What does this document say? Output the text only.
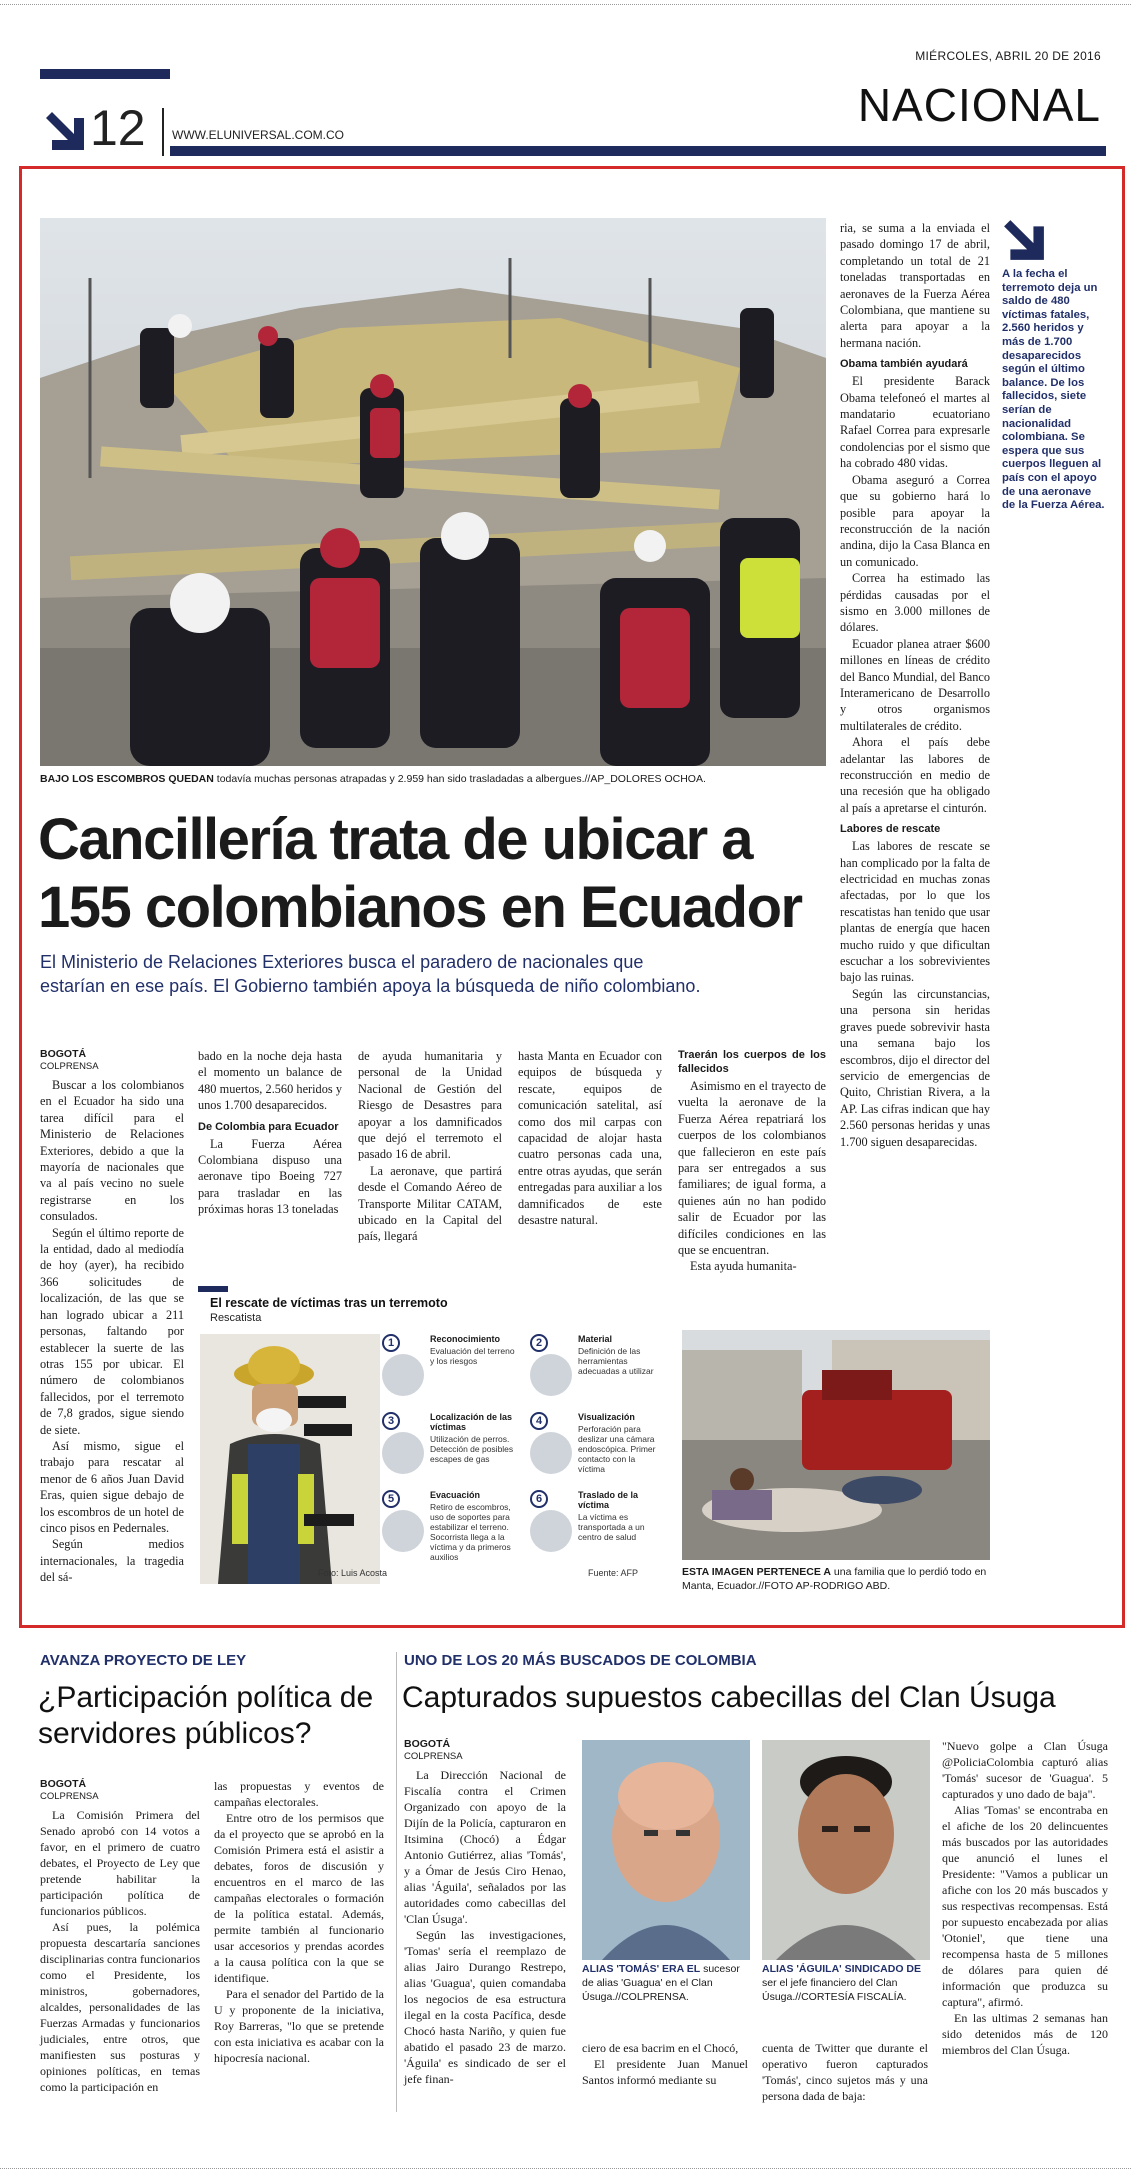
MIÉRCOLES, ABRIL 20 DE 2016
NACIONAL
12 WWW.ELUNIVERSAL.COM.CO
BAJO LOS ESCOMBROS QUEDAN todavía muchas personas atrapadas y 2.959 han sido trasladadas a albergues.//AP_DOLORES OCHOA.
Cancillería trata de ubicar a
155 colombianos en Ecuador
El Ministerio de Relaciones Exteriores busca el paradero de nacionales que
estarían en ese país. El Gobierno también apoya la búsqueda de niño colombiano.
A la fecha el terremoto deja un saldo de 480 víctimas fatales, 2.560 heridos y más de 1.700 desaparecidos según el último balance. De los fallecidos, siete serían de nacionalidad colombiana. Se espera que sus cuerpos lleguen al país con el apoyo de una aeronave de la Fuerza Aérea.

ria, se suma a la enviada el pasado domingo 17 de abril, completando un total de 21 toneladas transportadas en aeronaves de la Fuerza Aérea Colombiana, que mantiene su alerta para apoyar a la hermana nación.

Obama también ayudará

El presidente Barack Obama telefoneó el martes al mandatario ecuatoriano Rafael Correa para expresarle condolencias por el sismo que ha cobrado 480 vidas.

Obama aseguró a Correa que su gobierno hará lo posible para apoyar la reconstrucción de la nación andina, dijo la Casa Blanca en un comunicado.

Correa ha estimado las pérdidas causadas por el sismo en 3.000 millones de dólares.

Ecuador planea atraer $600 millones en líneas de crédito del Banco Mundial, del Banco Interamericano de Desarrollo y otros organismos multilaterales de crédito.

Ahora el país debe adelantar las labores de reconstrucción en medio de una recesión que ha obligado al país a apretarse el cinturón.

Labores de rescate

Las labores de rescate se han complicado por la falta de electricidad en muchas zonas afectadas, por lo que los rescatistas han tenido que usar plantas de energía que hacen mucho ruido y que dificultan escuchar a los sobrevivientes bajo las ruinas.

Según las circunstancias, una persona sin heridas graves puede sobrevivir hasta una semana bajo los escombros, dijo el director del servicio de emergencias de Quito, Christian Rivera, a la AP. Las cifras indican que hay 2.560 personas heridas y unas 1.700 siguen desaparecidas.

BOGOTÁ
COLPRENSA

Buscar a los colombianos en el Ecuador ha sido una tarea difícil para el Ministerio de Relaciones Exteriores, debido a que la mayoría de nacionales que va al país vecino no suele registrarse en los consulados.

Según el último reporte de la entidad, dado al mediodía de hoy (ayer), ha recibido 366 solicitudes de localización, de las que se han logrado ubicar a 211 personas, faltando por establecer la suerte de las otras 155 por ubicar. El número de colombianos fallecidos, por el terremoto de 7,8 grados, sigue siendo de siete.

Así mismo, sigue el trabajo para rescatar al menor de 6 años Juan David Eras, quien sigue debajo de los escombros de un hotel de cinco pisos en Pedernales.

Según medios internacionales, la tragedia del sá-

bado en la noche deja hasta el momento un balance de 480 muertos, 2.560 heridos y unos 1.700 desaparecidos.

De Colombia para Ecuador

La Fuerza Aérea Colombiana dispuso una aeronave tipo Boeing 727 para trasladar en las próximas horas 13 toneladas

de ayuda humanitaria y personal de la Unidad Nacional de Gestión del Riesgo de Desastres para apoyar a los damnificados que dejó el terremoto el pasado 16 de abril.

La aeronave, que partirá desde el Comando Aéreo de Transporte Militar CATAM, ubicado en la Capital del país, llegará

hasta Manta en Ecuador con equipos de búsqueda y rescate, equipos de comunicación satelital, así como dos mil carpas con capacidad de alojar hasta cuatro personas cada una, entre otras ayudas, que serán entregadas para auxiliar a los damnificados de este desastre natural.

Traerán los cuerpos de los fallecidos

Asimismo en el trayecto de vuelta la aeronave de la Fuerza Aérea repatriará los cuerpos de los colombianos que fallecieron en este país para ser entregados a sus familiares; de igual forma, a quienes aún no han podido salir de Ecuador por las difíciles condiciones en las que se encuentran.

Esta ayuda humanita-

El rescate de víctimas tras un terremoto
Rescatista
Foto: Luis Acosta	Fuente: AFP
1	Reconocimiento
Evaluación del terreno y los riesgos
2	Material
Definición de las herramientas adecuadas a utilizar
3	Localización de las víctimas
Utilización de perros. Detección de posibles escapes de gas
4	Visualización
Perforación para deslizar una cámara endoscópica. Primer contacto con la víctima
5	Evacuación
Retiro de escombros, uso de soportes para estabilizar el terreno. Socorrista llega a la víctima y da primeros auxilios
6	Traslado de la víctima
La víctima es transportada a un centro de salud
ESTA IMAGEN PERTENECE A una familia que lo perdió todo en Manta, Ecuador.//FOTO AP-RODRIGO ABD.
AVANZA PROYECTO DE LEY
¿Participación política de
servidores públicos?
BOGOTÁ
COLPRENSA

La Comisión Primera del Senado aprobó con 14 votos a favor, en el primero de cuatro debates, el Proyecto de Ley que pretende habilitar la participación política de funcionarios públicos.

Así pues, la polémica propuesta descartaría sanciones disciplinarias contra funcionarios como el Presidente, los ministros, gobernadores, alcaldes, personalidades de las Fuerzas Armadas y funcionarios judiciales, entre otros, que manifiesten sus posturas y opiniones políticas, en temas como la participación en

las propuestas y eventos de campañas electorales.

Entre otro de los permisos que da el proyecto que se aprobó en la Comisión Primera está el asistir a debates, foros de discusión y encuentros en el marco de las campañas electorales o formación de la política estatal. Además, permite también al funcionario usar accesorios y prendas acordes a la causa política con la que se identifique.

Para el senador del Partido de la U y proponente de la iniciativa, Roy Barreras, "lo que se pretende con esta iniciativa es acabar con la hipocresía nacional.

UNO DE LOS 20 MÁS BUSCADOS DE COLOMBIA
Capturados supuestos cabecillas del Clan Úsuga
BOGOTÁ
COLPRENSA

La Dirección Nacional de Fiscalía contra el Crimen Organizado con apoyo de la Dijín de la Policía, capturaron en Itsimina (Chocó) a Édgar Antonio Gutiérrez, alias 'Tomás', y a Ómar de Jesús Ciro Henao, alias 'Águila', señalados por las autoridades como cabecillas del 'Clan Úsuga'.

Según las investigaciones, 'Tomas' sería el reemplazo de alias Jairo Durango Restrepo, alias 'Guagua', quien comandaba los negocios de esa estructura ilegal en la costa Pacífica, desde Chocó hasta Nariño, y quien fue abatido el pasado 23 de marzo. 'Águila' es sindicado de ser el jefe finan-

ALIAS 'TOMÁS' ERA EL sucesor de alias 'Guagua' en el Clan Úsuga.//COLPRENSA.
ALIAS 'ÁGUILA' SINDICADO DE ser el jefe financiero del Clan Úsuga.//CORTESÍA FISCALÍA.

ciero de esa bacrim en el Chocó,

El presidente Juan Manuel Santos informó mediante su

cuenta de Twitter que durante el operativo fueron capturados 'Tomás', cinco sujetos más y una persona dada de baja:

"Nuevo golpe a Clan Úsuga @PoliciaColombia capturó alias 'Tomás' sucesor de 'Guagua'. 5 capturados y uno dado de baja".

Alias 'Tomas' se encontraba en el afiche de los 20 delincuentes más buscados por las autoridades que anunció el lunes el Presidente: "Vamos a publicar un afiche con los 20 más buscados y sus respectivas recompensas. Está por supuesto encabezada por alias 'Otoniel', que tiene una recompensa hasta de 5 millones de dólares para quien dé información que produzca su captura", afirmó.

En las ultimas 2 semanas han sido detenidos más de 120 miembros del Clan Úsuga.
